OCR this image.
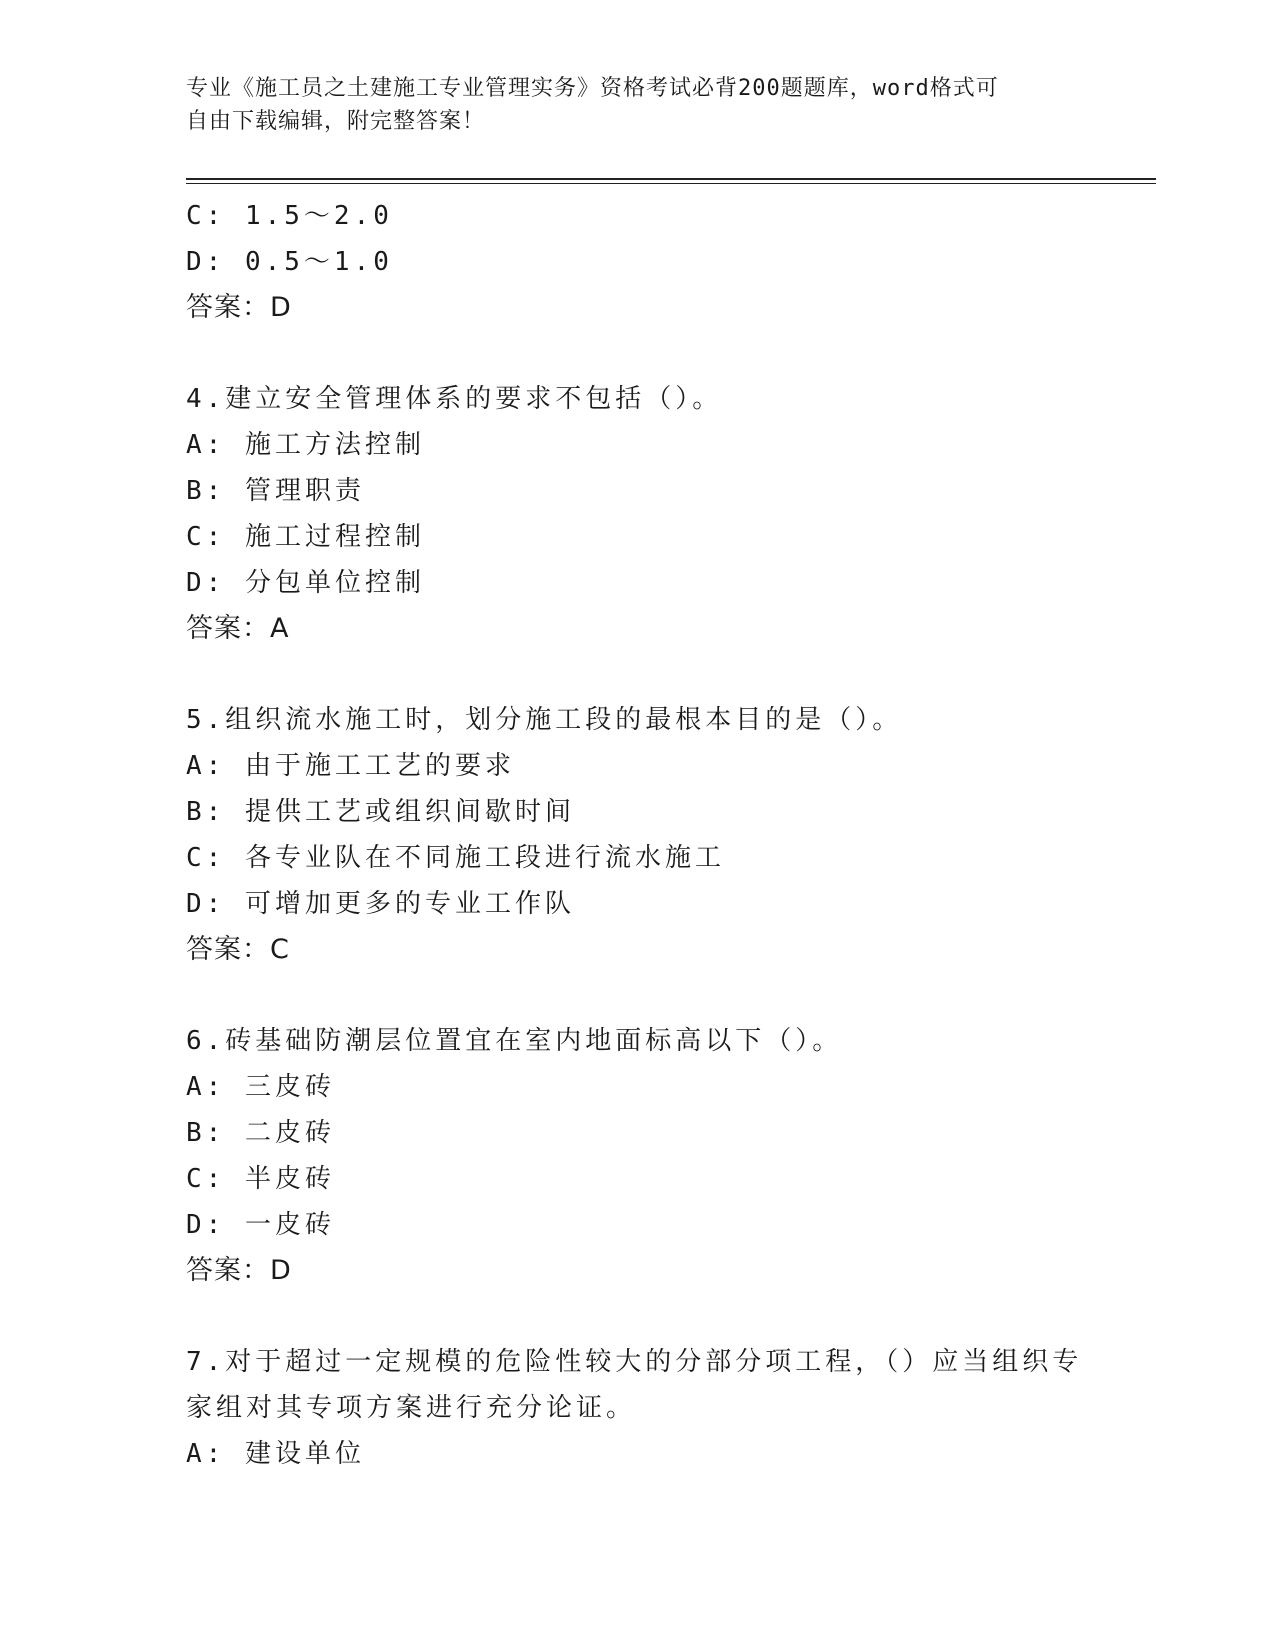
专业《施工员之土建施工专业管理实务》资格考试必背200题题库，word格式可
自由下载编辑，附完整答案！
C: 1.5～2.0
D: 0.5～1.0
答案：D
4.建立安全管理体系的要求不包括（）。
A: 施工方法控制
B: 管理职责
C: 施工过程控制
D: 分包单位控制
答案：A
5.组织流水施工时，划分施工段的最根本目的是（）。
A: 由于施工工艺的要求
B: 提供工艺或组织间歇时间
C: 各专业队在不同施工段进行流水施工
D: 可增加更多的专业工作队
答案：C
6.砖基础防潮层位置宜在室内地面标高以下（）。
A: 三皮砖
B: 二皮砖
C: 半皮砖
D: 一皮砖
答案：D
7.对于超过一定规模的危险性较大的分部分项工程，（）应当组织专
家组对其专项方案进行充分论证。
A: 建设单位
